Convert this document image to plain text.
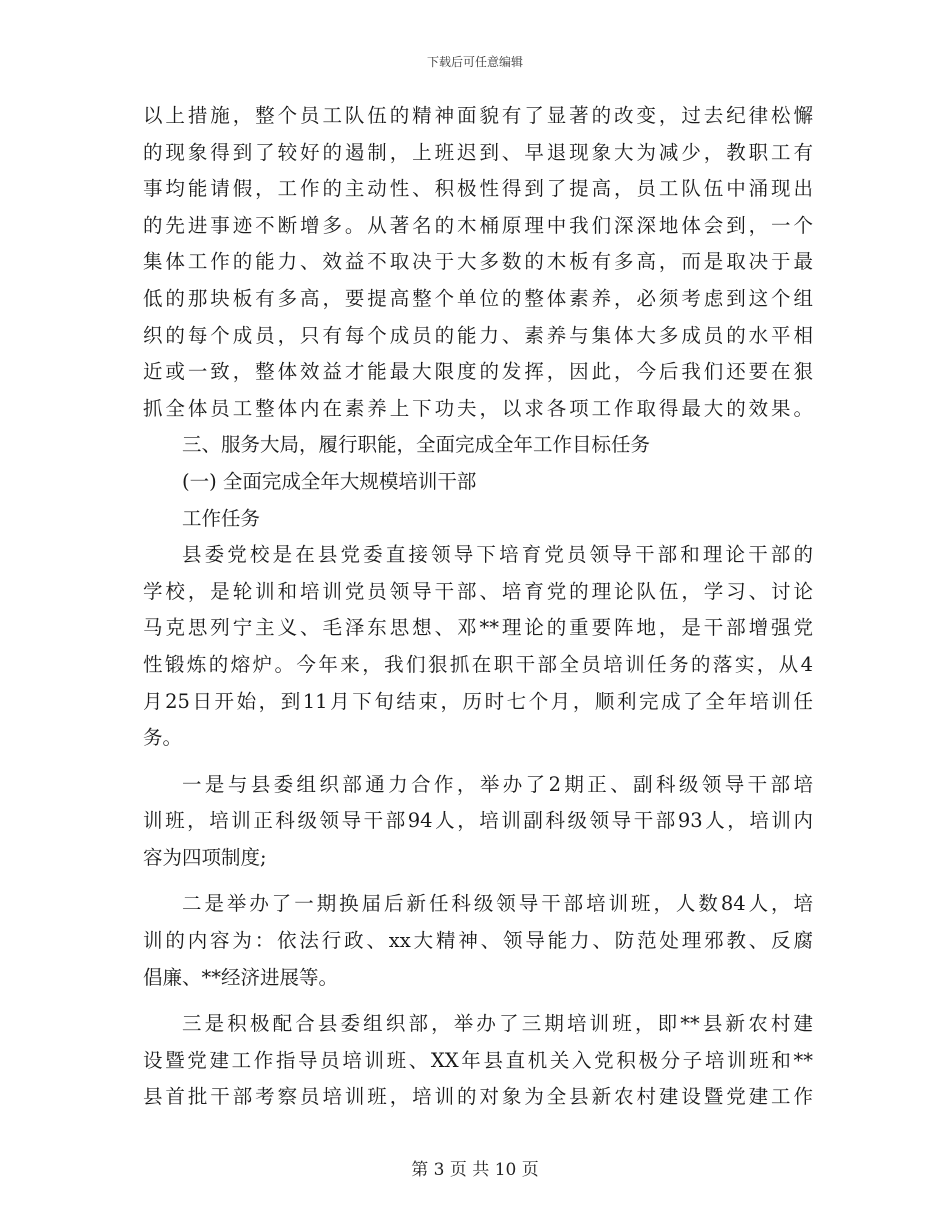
下载后可任意编辑
以上措施，整个员工队伍的精神面貌有了显著的改变，过去纪律松懈
的现象得到了较好的遏制，上班迟到、早退现象大为减少，教职工有
事均能请假，工作的主动性、积极性得到了提高，员工队伍中涌现出
的先进事迹不断增多。从著名的木桶原理中我们深深地体会到，一个
集体工作的能力、效益不取决于大多数的木板有多高，而是取决于最
低的那块板有多高，要提高整个单位的整体素养，必须考虑到这个组
织的每个成员，只有每个成员的能力、素养与集体大多成员的水平相
近或一致，整体效益才能最大限度的发挥，因此，今后我们还要在狠
抓全体员工整体内在素养上下功夫，以求各项工作取得最大的效果。
三、服务大局，履行职能，全面完成全年工作目标任务
(一) 全面完成全年大规模培训干部
工作任务
县委党校是在县党委直接领导下培育党员领导干部和理论干部的
学校，是轮训和培训党员领导干部、培育党的理论队伍，学习、讨论
马克思列宁主义、毛泽东思想、邓**理论的重要阵地，是干部增强党
性锻炼的熔炉。今年来，我们狠抓在职干部全员培训任务的落实，从4
月25日开始，到11月下旬结束，历时七个月，顺利完成了全年培训任
务。
一是与县委组织部通力合作，举办了2期正、副科级领导干部培
训班，培训正科级领导干部94人，培训副科级领导干部93人，培训内
容为四项制度;
二是举办了一期换届后新任科级领导干部培训班，人数84人，培
训的内容为：依法行政、xx大精神、领导能力、防范处理邪教、反腐
倡廉、**经济进展等。
三是积极配合县委组织部，举办了三期培训班，即**县新农村建
设暨党建工作指导员培训班、XX年县直机关入党积极分子培训班和**
县首批干部考察员培训班，培训的对象为全县新农村建设暨党建工作
第 3 页 共 10 页
